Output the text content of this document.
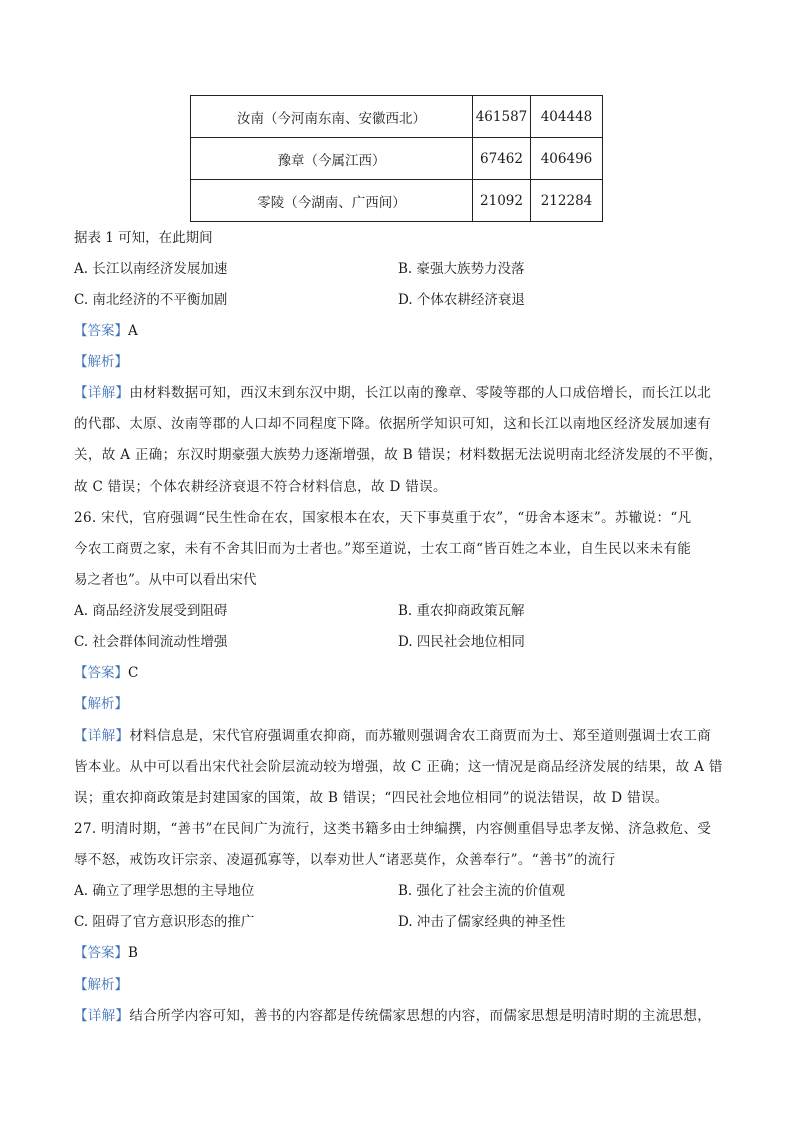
汝南（今河南东南、安徽西北）	461587	404448
豫章（今属江西）	67462	406496
零陵（今湖南、广西间）	21092	212284
据表 1 可知，在此期间
A. 长江以南经济发展加速	B. 豪强大族势力没落
C. 南北经济的不平衡加剧	D. 个体农耕经济衰退
【答案】A
【解析】
【详解】由材料数据可知，西汉末到东汉中期，长江以南的豫章、零陵等郡的人口成倍增长，而长江以北
的代郡、太原、汝南等郡的人口却不同程度下降。依据所学知识可知，这和长江以南地区经济发展加速有
关，故 A 正确；东汉时期豪强大族势力逐渐增强，故 B 错误；材料数据无法说明南北经济发展的不平衡，
故 C 错误；个体农耕经济衰退不符合材料信息，故 D 错误。
26. 宋代，官府强调“民生性命在农，国家根本在农，天下事莫重于农”，“毋舍本逐末”。苏辙说：“凡
今农工商贾之家，未有不舍其旧而为士者也。”郑至道说，士农工商“皆百姓之本业，自生民以来未有能
易之者也”。从中可以看出宋代
A. 商品经济发展受到阻碍	B. 重农抑商政策瓦解
C. 社会群体间流动性增强	D. 四民社会地位相同
【答案】C
【解析】
【详解】材料信息是，宋代官府强调重农抑商，而苏辙则强调舍农工商贾而为士、郑至道则强调士农工商
皆本业。从中可以看出宋代社会阶层流动较为增强，故 C 正确；这一情况是商品经济发展的结果，故 A 错
误；重农抑商政策是封建国家的国策，故 B 错误；“四民社会地位相同”的说法错误，故 D 错误。
27. 明清时期，“善书”在民间广为流行，这类书籍多由士绅编撰，内容侧重倡导忠孝友悌、济急救危、受
辱不怒，戒饬攻讦宗亲、凌逼孤寡等，以奉劝世人“诸恶莫作，众善奉行”。“善书”的流行
A. 确立了理学思想的主导地位	B. 强化了社会主流的价值观
C. 阻碍了官方意识形态的推广	D. 冲击了儒家经典的神圣性
【答案】B
【解析】
【详解】结合所学内容可知，善书的内容都是传统儒家思想的内容，而儒家思想是明清时期的主流思想，
